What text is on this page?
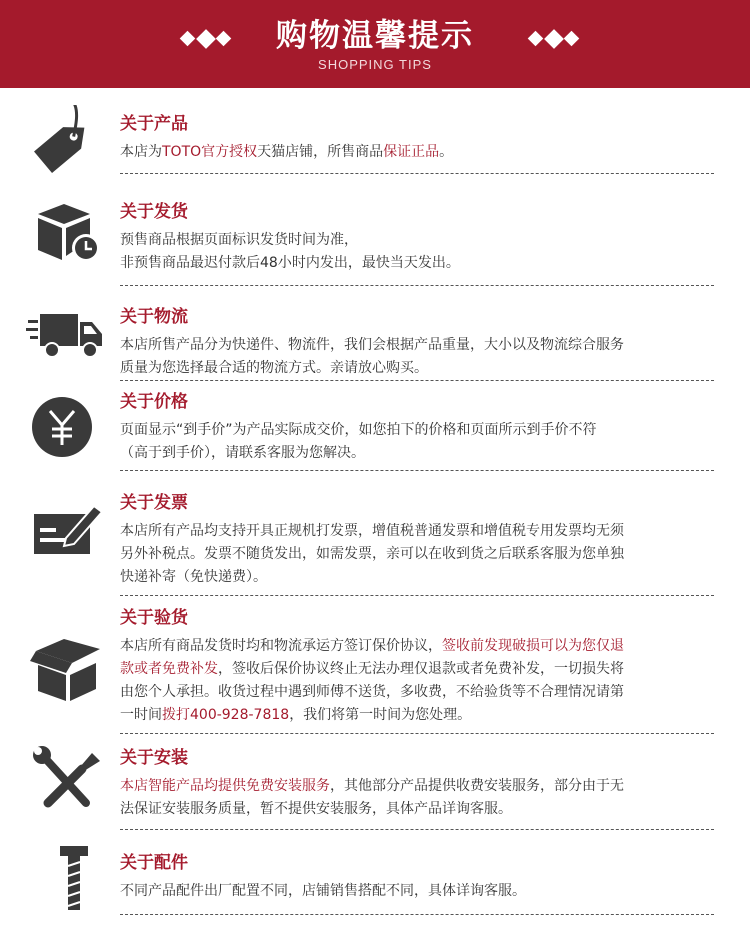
购物温馨提示
SHOPPING TIPS
关于产品
本店为TOTO官方授权天猫店铺，所售商品保证正品。
关于发货
预售商品根据页面标识发货时间为准，
非预售商品最迟付款后48小时内发出，最快当天发出。
关于物流
本店所售产品分为快递件、物流件，我们会根据产品重量，大小以及物流综合服务
质量为您选择最合适的物流方式。亲请放心购买。
关于价格
页面显示“到手价”为产品实际成交价，如您拍下的价格和页面所示到手价不符
（高于到手价），请联系客服为您解决。
关于发票
本店所有产品均支持开具正规机打发票，增值税普通发票和增值税专用发票均无须
另外补税点。发票不随货发出，如需发票，亲可以在收到货之后联系客服为您单独
快递补寄（免快递费）。
关于验货
本店所有商品发货时均和物流承运方签订保价协议，签收前发现破损可以为您仅退
款或者免费补发，签收后保价协议终止无法办理仅退款或者免费补发，一切损失将
由您个人承担。收货过程中遇到师傅不送货，多收费，不给验货等不合理情况请第
一时间拨打400-928-7818，我们将第一时间为您处理。
关于安装
本店智能产品均提供免费安装服务，其他部分产品提供收费安装服务，部分由于无
法保证安装服务质量，暂不提供安装服务，具体产品详询客服。
关于配件
不同产品配件出厂配置不同，店铺销售搭配不同，具体详询客服。
